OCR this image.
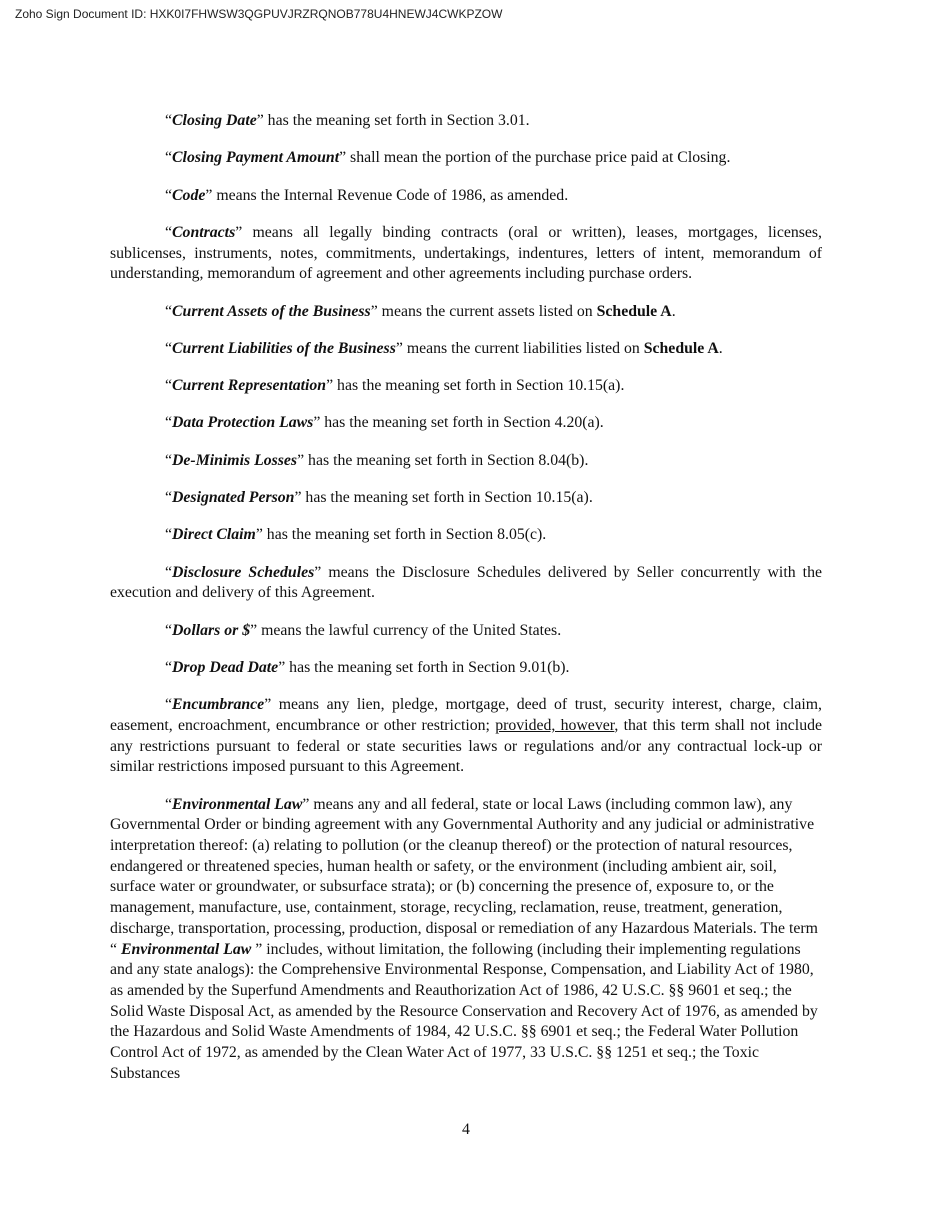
Zoho Sign Document ID: HXK0I7FHWSW3QGPUVJRZRQNOB778U4HNEWJ4CWKPZOW

“Closing Date” has the meaning set forth in Section 3.01.

“Closing Payment Amount” shall mean the portion of the purchase price paid at Closing.

“Code” means the Internal Revenue Code of 1986, as amended.

“Contracts” means all legally binding contracts (oral or written), leases, mortgages, licenses, sublicenses, instruments, notes, commitments, undertakings, indentures, letters of intent, memorandum of understanding, memorandum of agreement and other agreements including purchase orders.

“Current Assets of the Business” means the current assets listed on Schedule A.

“Current Liabilities of the Business” means the current liabilities listed on Schedule A.

“Current Representation” has the meaning set forth in Section 10.15(a).

“Data Protection Laws” has the meaning set forth in Section 4.20(a).

“De-Minimis Losses” has the meaning set forth in Section 8.04(b).

“Designated Person” has the meaning set forth in Section 10.15(a).

“Direct Claim” has the meaning set forth in Section 8.05(c).

“Disclosure Schedules” means the Disclosure Schedules delivered by Seller concurrently with the execution and delivery of this Agreement.

“Dollars or $” means the lawful currency of the United States.

“Drop Dead Date” has the meaning set forth in Section 9.01(b).

“Encumbrance” means any lien, pledge, mortgage, deed of trust, security interest, charge, claim, easement, encroachment, encumbrance or other restriction; provided, however, that this term shall not include any restrictions pursuant to federal or state securities laws or regulations and/or any contractual lock-up or similar restrictions imposed pursuant to this Agreement.

“Environmental Law” means any and all federal, state or local Laws (including common law), any Governmental Order or binding agreement with any Governmental Authority and any judicial or administrative interpretation thereof: (a) relating to pollution (or the cleanup thereof) or the protection of natural resources, endangered or threatened species, human health or safety, or the environment (including ambient air, soil, surface water or groundwater, or subsurface strata); or (b) concerning the presence of, exposure to, or the management, manufacture, use, containment, storage, recycling, reclamation, reuse, treatment, generation, discharge, transportation, processing, production, disposal or remediation of any Hazardous Materials. The term “ Environmental Law ” includes, without limitation, the following (including their implementing regulations and any state analogs): the Comprehensive Environmental Response, Compensation, and Liability Act of 1980, as amended by the Superfund Amendments and Reauthorization Act of 1986, 42 U.S.C. §§ 9601 et seq.; the Solid Waste Disposal Act, as amended by the Resource Conservation and Recovery Act of 1976, as amended by the Hazardous and Solid Waste Amendments of 1984, 42 U.S.C. §§ 6901 et seq.; the Federal Water Pollution Control Act of 1972, as amended by the Clean Water Act of 1977, 33 U.S.C. §§ 1251 et seq.; the Toxic Substances

4
